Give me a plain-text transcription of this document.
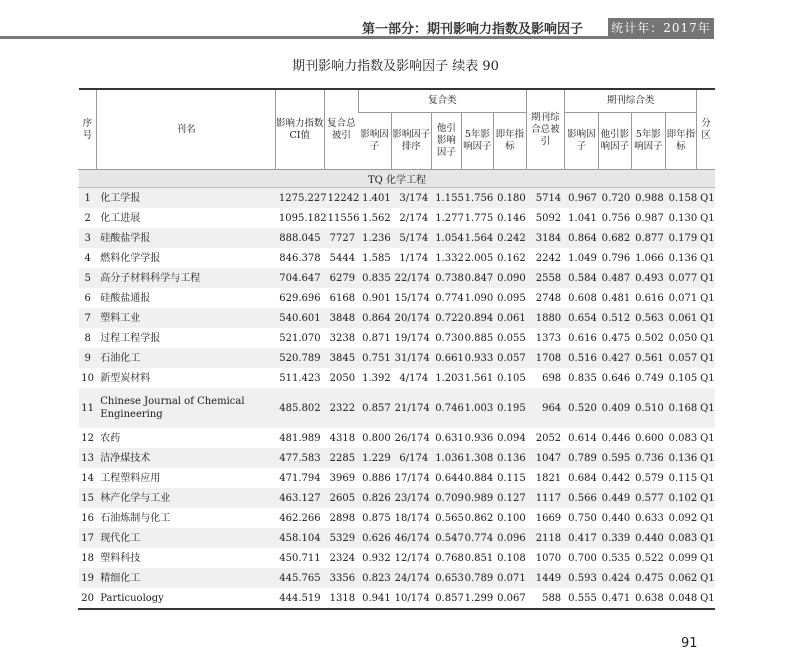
第一部分：期刊影响力指数及影响因子 统计年：2017年
期刊影响力指数及影响因子 续表 90
序号	刊名	影响力指数CI值	复合总被引	复合类					期刊综合总被引	期刊综合类				分区
				影响因子	影响因子排序	他引影响因子	5年影响因子	即年指标		影响因子	他引影响因子	5年影响因子	即年指标	
TQ 化学工程														
1	化工学报	1275.227	12242	1.401	3/174	1.155	1.756	0.180	5714	0.967	0.720	0.988	0.158	Q1
2	化工进展	1095.182	11556	1.562	2/174	1.277	1.775	0.146	5092	1.041	0.756	0.987	0.130	Q1
3	硅酸盐学报	888.045	7727	1.236	5/174	1.054	1.564	0.242	3184	0.864	0.682	0.877	0.179	Q1
4	燃料化学学报	846.378	5444	1.585	1/174	1.332	2.005	0.162	2242	1.049	0.796	1.066	0.136	Q1
5	高分子材料科学与工程	704.647	6279	0.835	22/174	0.738	0.847	0.090	2558	0.584	0.487	0.493	0.077	Q1
6	硅酸盐通报	629.696	6168	0.901	15/174	0.774	1.090	0.095	2748	0.608	0.481	0.616	0.071	Q1
7	塑料工业	540.601	3848	0.864	20/174	0.722	0.894	0.061	1880	0.654	0.512	0.563	0.061	Q1
8	过程工程学报	521.070	3238	0.871	19/174	0.730	0.885	0.055	1373	0.616	0.475	0.502	0.050	Q1
9	石油化工	520.789	3845	0.751	31/174	0.661	0.933	0.057	1708	0.516	0.427	0.561	0.057	Q1
10	新型炭材料	511.423	2050	1.392	4/174	1.203	1.561	0.105	698	0.835	0.646	0.749	0.105	Q1
11	Chinese Journal of Chemical Engineering	485.802	2322	0.857	21/174	0.746	1.003	0.195	964	0.520	0.409	0.510	0.168	Q1
12	农药	481.989	4318	0.800	26/174	0.631	0.936	0.094	2052	0.614	0.446	0.600	0.083	Q1
13	洁净煤技术	477.583	2285	1.229	6/174	1.036	1.308	0.136	1047	0.789	0.595	0.736	0.136	Q1
14	工程塑料应用	471.794	3969	0.886	17/174	0.644	0.884	0.115	1821	0.684	0.442	0.579	0.115	Q1
15	林产化学与工业	463.127	2605	0.826	23/174	0.709	0.989	0.127	1117	0.566	0.449	0.577	0.102	Q1
16	石油炼制与化工	462.266	2898	0.875	18/174	0.565	0.862	0.100	1669	0.750	0.440	0.633	0.092	Q1
17	现代化工	458.104	5329	0.626	46/174	0.547	0.774	0.096	2118	0.417	0.339	0.440	0.083	Q1
18	塑料科技	450.711	2324	0.932	12/174	0.768	0.851	0.108	1070	0.700	0.535	0.522	0.099	Q1
19	精细化工	445.765	3356	0.823	24/174	0.653	0.789	0.071	1449	0.593	0.424	0.475	0.062	Q1
20	Particuology	444.519	1318	0.941	10/174	0.857	1.299	0.067	588	0.555	0.471	0.638	0.048	Q1
91
